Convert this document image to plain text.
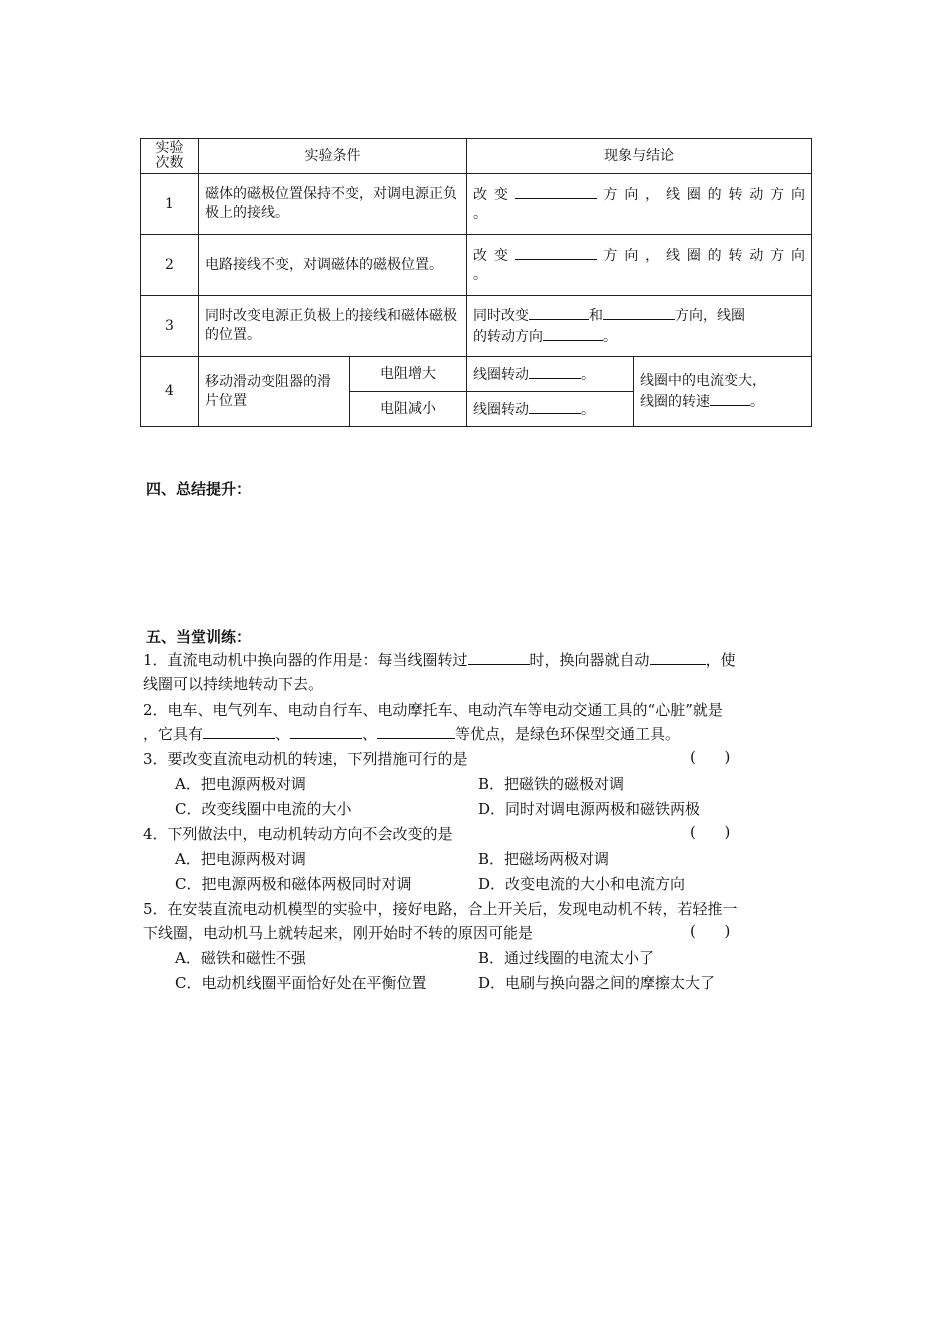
实验
次数	实验条件		现象与结论	
1	磁体的磁极位置保持不变，对调电源正负极上的接线。		改变 方向，线圈的转动方向
。	

2	电路接线不变，对调磁体的磁极位置。		改变 方向，线圈的转动方向
。	

3	同时改变电源正负极上的接线和磁体磁极的位置。		同时改变 和 方向，线圈
的转动方向 。	

4	移动滑动变阻器的滑片位置	电阻增大	线圈转动 。	线圈中的电流变大，
线圈的转速 。

		电阻减小	线圈转动 。	
四、总结提升：
五、当堂训练：
1．直流电动机中换向器的作用是：每当线圈转过	时，换向器就自动	，使
线圈可以持续地转动下去。
2．电车、电气列车、电动自行车、电动摩托车、电动汽车等电动交通工具的“心脏”就是
，它具有	、	、	等优点，是绿色环保型交通工具。
3．要改变直流电动机的转速，下列措施可行的是	(      )
A．把电源两极对调	B．把磁铁的磁极对调
C．改变线圈中电流的大小	D．同时对调电源两极和磁铁两极
4．下列做法中，电动机转动方向不会改变的是	(      )
A．把电源两极对调	B．把磁场两极对调
C．把电源两极和磁体两极同时对调	D．改变电流的大小和电流方向
5．在安装直流电动机模型的实验中，接好电路，合上开关后，发现电动机不转，若轻推一
下线圈，电动机马上就转起来，刚开始时不转的原因可能是	(      )
A．磁铁和磁性不强	B．通过线圈的电流太小了
C．电动机线圈平面恰好处在平衡位置	D．电刷与换向器之间的摩擦太大了
